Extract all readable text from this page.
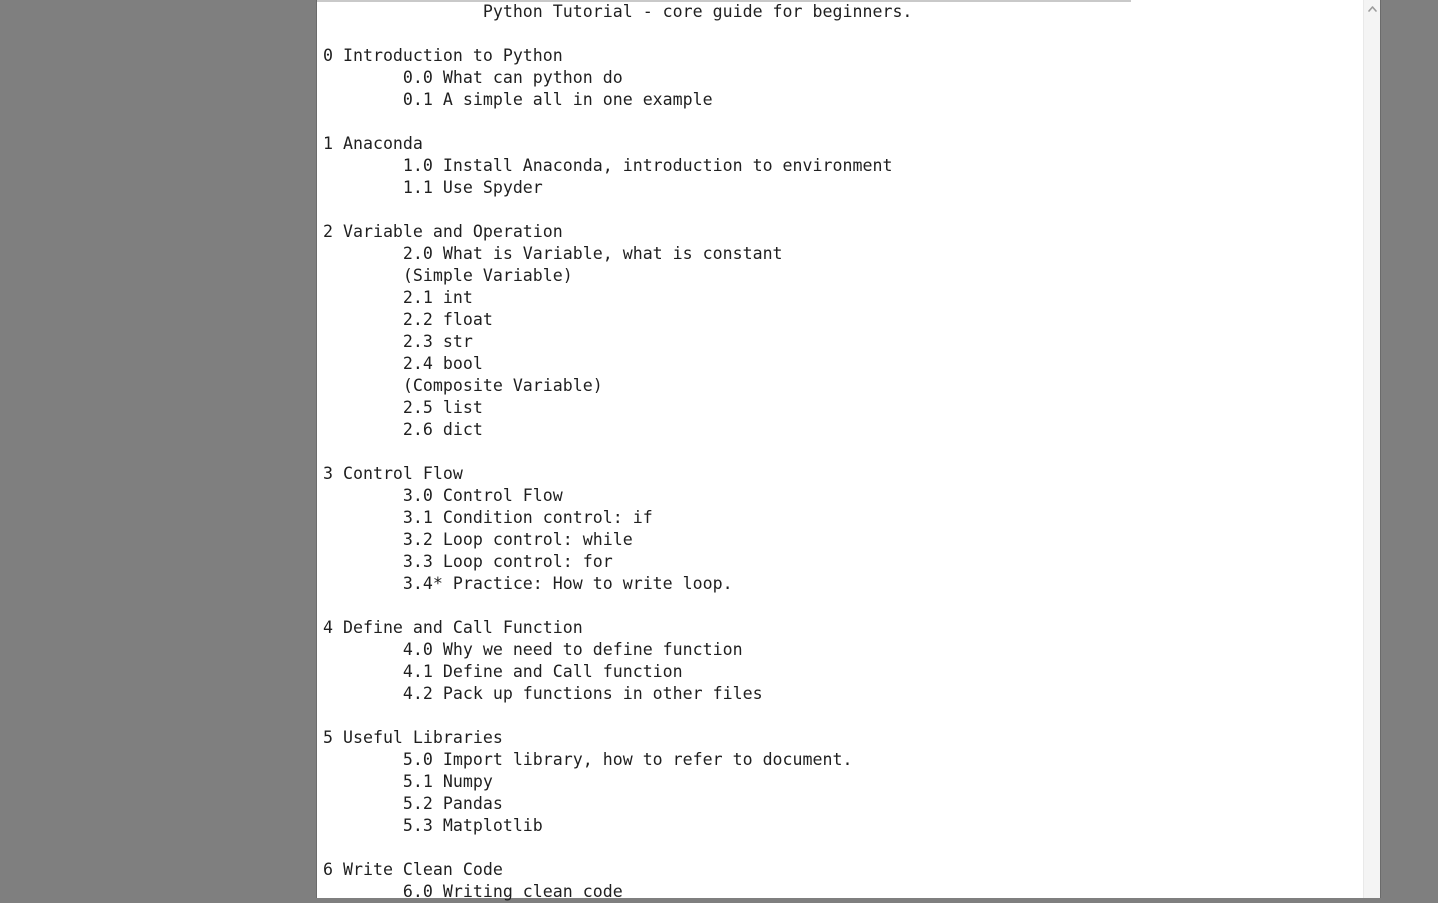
Python Tutorial - core guide for beginners.
0 Introduction to Python
0.0 What can python do
0.1 A simple all in one example
1 Anaconda
1.0 Install Anaconda, introduction to environment
1.1 Use Spyder
2 Variable and Operation
2.0 What is Variable, what is constant
(Simple Variable)
2.1 int
2.2 float
2.3 str
2.4 bool
(Composite Variable)
2.5 list
2.6 dict
3 Control Flow
3.0 Control Flow
3.1 Condition control: if
3.2 Loop control: while
3.3 Loop control: for
3.4* Practice: How to write loop.
4 Define and Call Function
4.0 Why we need to define function
4.1 Define and Call function
4.2 Pack up functions in other files
5 Useful Libraries
5.0 Import library, how to refer to document.
5.1 Numpy
5.2 Pandas
5.3 Matplotlib
6 Write Clean Code
6.0 Writing clean code
